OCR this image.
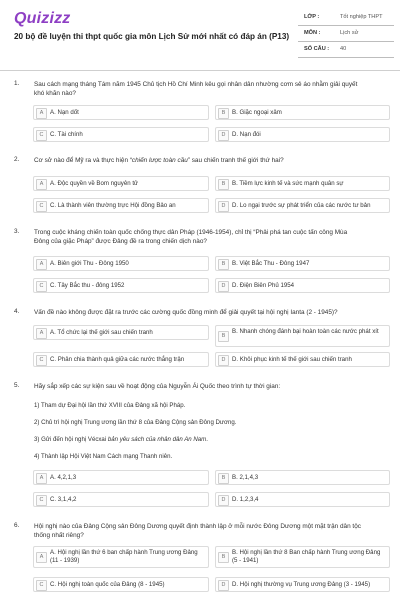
Quizizz
20 bộ đề luyện thi thpt quốc gia môn Lịch Sử mới nhất có đáp án (P13)
LỚP :	Tốt nghiệp THPT
MÔN :	Lịch sử
SỐ CÂU : 40
1. Sau cách mạng tháng Tám năm 1945 Chủ tịch Hồ Chí Minh kêu gọi nhân dân nhường cơm sẻ áo nhằm giải quyết
khó khăn nào?
A	A. Nạn dốt	B	B. Giặc ngoại xâm
C	C. Tài chính	D	D. Nạn đói
2. Cơ sở nào để Mỹ ra và thực hiện “chiến lược toàn cầu” sau chiến tranh thế giới thứ hai?
A	A. Độc quyền về Bom nguyên tử	B	B. Tiềm lực kinh tế và sức mạnh quân sự
C	C. Là thành viên thường trực Hội đồng Bảo an	D	D. Lo ngại trước sự phát triển của các nước tư bản
3. Trong cuộc kháng chiến toàn quốc chống thực dân Pháp (1946-1954), chỉ thị “Phải phá tan cuộc tấn công Mùa
Đông của giặc Pháp” được Đảng đề ra trong chiến dịch nào?
A	A. Biên giới Thu - Đông 1950	B	B. Việt Bắc Thu - Đông 1947
C	C. Tây Bắc thu - đông 1952	D	D. Điện Biên Phủ 1954
4. Vấn đề nào không được đặt ra trước các cường quốc đồng minh để giải quyết tại hội nghị Ianta (2 - 1945)?
A	A. Tổ chức lại thế giới sau chiến tranh	B
B. Nhanh chóng đánh bại hoàn toàn các nước phát xít
C	C. Phân chia thành quả giữa các nước thắng trận	D	D. Khôi phục kinh tế thế giới sau chiến tranh
5. Hãy sắp xếp các sự kiện sau về hoạt động của Nguyễn Ái Quốc theo trình tự thời gian:
1) Tham dự Đại hội lần thứ XVIII của Đảng xã hội Pháp.
2) Chủ trì hội nghị Trung ương lần thứ 8 của Đảng Cộng sản Đông Dương.
3) Gửi đến hội nghị Vécxai bản yêu sách của nhân dân An Nam.
4) Thành lập Hội Việt Nam Cách mạng Thanh niên.
A	A. 4,2,1,3	B	B. 2,1,4,3
C	C. 3,1,4,2	D	D. 1,2,3,4
6. Hội nghị nào của Đảng Cộng sản Đông Dương quyết định thành lập ở mỗi nước Đông Dương một mặt trận dân tộc
thống nhất riêng?
A
A. Hội nghị lần thứ 6 ban chấp hành Trung ương Đảng (11 - 1939)	B
B. Hội nghị lần thứ 8 Ban chấp hành Trung ương Đảng (5 - 1941)
C	C. Hội nghị toàn quốc của Đảng (8 - 1945)	D	D. Hội nghị thường vụ Trung ương Đảng (3 - 1945)
